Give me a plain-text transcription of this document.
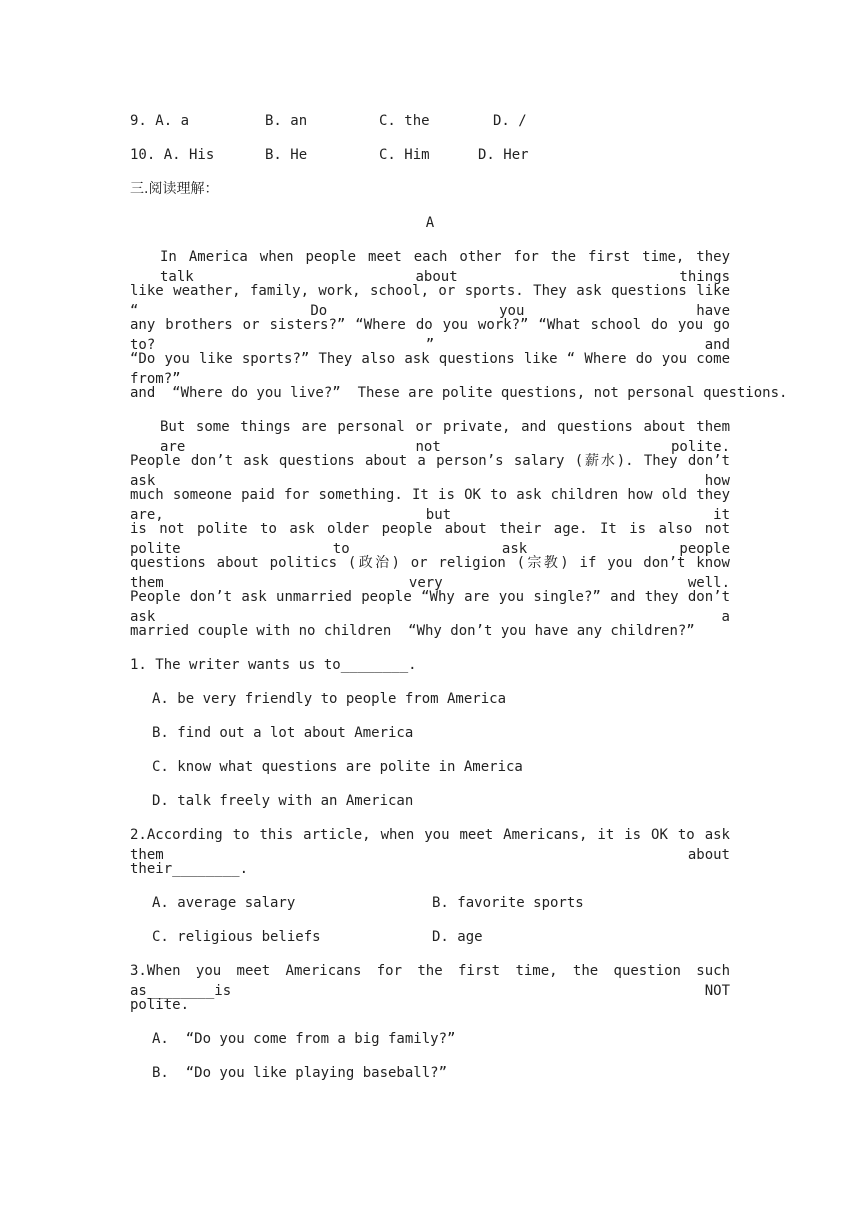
9. A. a

	B. an

	C. the

	D. /

10. A. His

	B. He

	C. Him

	D. Her

三.阅读理解：
A
In America when people meet each other for the first time, they talk about things
like weather, family, work, school, or sports. They ask questions like “ Do you have
any brothers or sisters?” “Where do you work?” “What school do you go to? ” and
“Do you like sports?” They also ask questions like “ Where do you come from?”
and  “Where do you live?”  These are polite questions, not personal questions.
But some things are personal or private, and questions about them are not polite.
People don’t ask questions about a person’s salary (薪水). They don’t ask how
much someone paid for something. It is OK to ask children how old they are, but it
is not polite to ask older people about their age. It is also not polite to ask people
questions about politics (政治) or religion (宗教) if you don’t know them very well.
People don’t ask unmarried people “Why are you single?” and they don’t ask a
married couple with no children  “Why don’t you have any children?”
1. The writer wants us to________.
A. be very friendly to people from America
B. find out a lot about America
C. know what questions are polite in America
D. talk freely with an American
2.According to this article, when you meet Americans, it is OK to ask them about
their________.
A. average salary	B. favorite sports
C. religious beliefs	D. age
3.When you meet Americans for the first time, the question such as________is NOT
polite.
A.  “Do you come from a big family?”
B.  “Do you like playing baseball?”
